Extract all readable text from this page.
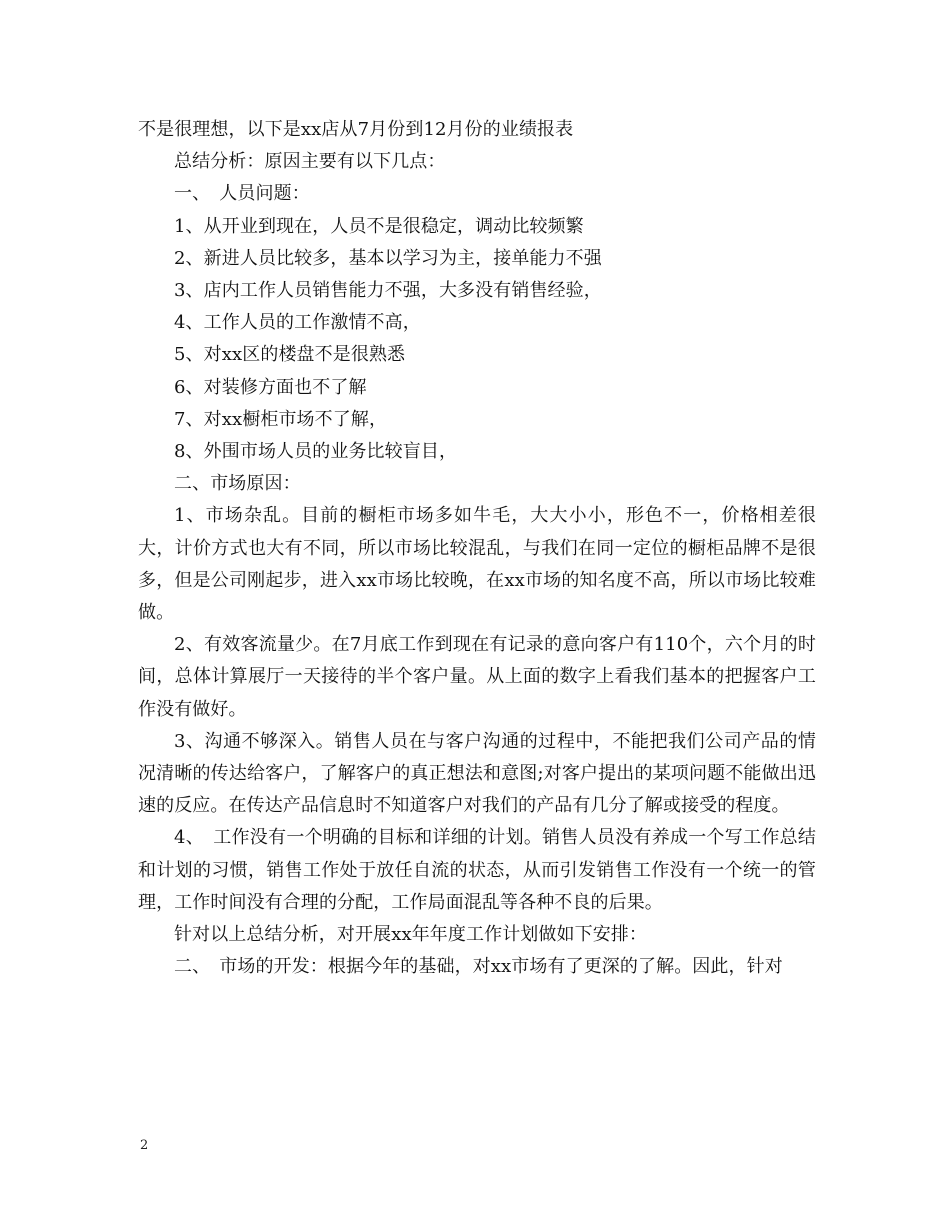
不是很理想，以下是xx店从7月份到12月份的业绩报表

总结分析：原因主要有以下几点：

一、　人员问题：

1、从开业到现在，人员不是很稳定，调动比较频繁

2、新进人员比较多，基本以学习为主，接单能力不强

3、店内工作人员销售能力不强，大多没有销售经验，

4、工作人员的工作激情不高，

5、对xx区的楼盘不是很熟悉

6、对装修方面也不了解

7、对xx橱柜市场不了解，

8、外围市场人员的业务比较盲目，

二、市场原因：

1、市场杂乱。目前的橱柜市场多如牛毛，大大小小，形色不一，价格相差很大，计价方式也大有不同，所以市场比较混乱，与我们在同一定位的橱柜品牌不是很多，但是公司刚起步，进入xx市场比较晚，在xx市场的知名度不高，所以市场比较难做。

2、有效客流量少。在7月底工作到现在有记录的意向客户有110个，六个月的时间，总体计算展厅一天接待的半个客户量。从上面的数字上看我们基本的把握客户工作没有做好。

3、沟通不够深入。销售人员在与客户沟通的过程中，不能把我们公司产品的情况清晰的传达给客户，了解客户的真正想法和意图;对客户提出的某项问题不能做出迅速的反应。在传达产品信息时不知道客户对我们的产品有几分了解或接受的程度。

4、　工作没有一个明确的目标和详细的计划。销售人员没有养成一个写工作总结和计划的习惯，销售工作处于放任自流的状态，从而引发销售工作没有一个统一的管理，工作时间没有合理的分配，工作局面混乱等各种不良的后果。

针对以上总结分析，对开展xx年年度工作计划做如下安排：

二、　市场的开发：根据今年的基础，对xx市场有了更深的了解。因此，针对

2
